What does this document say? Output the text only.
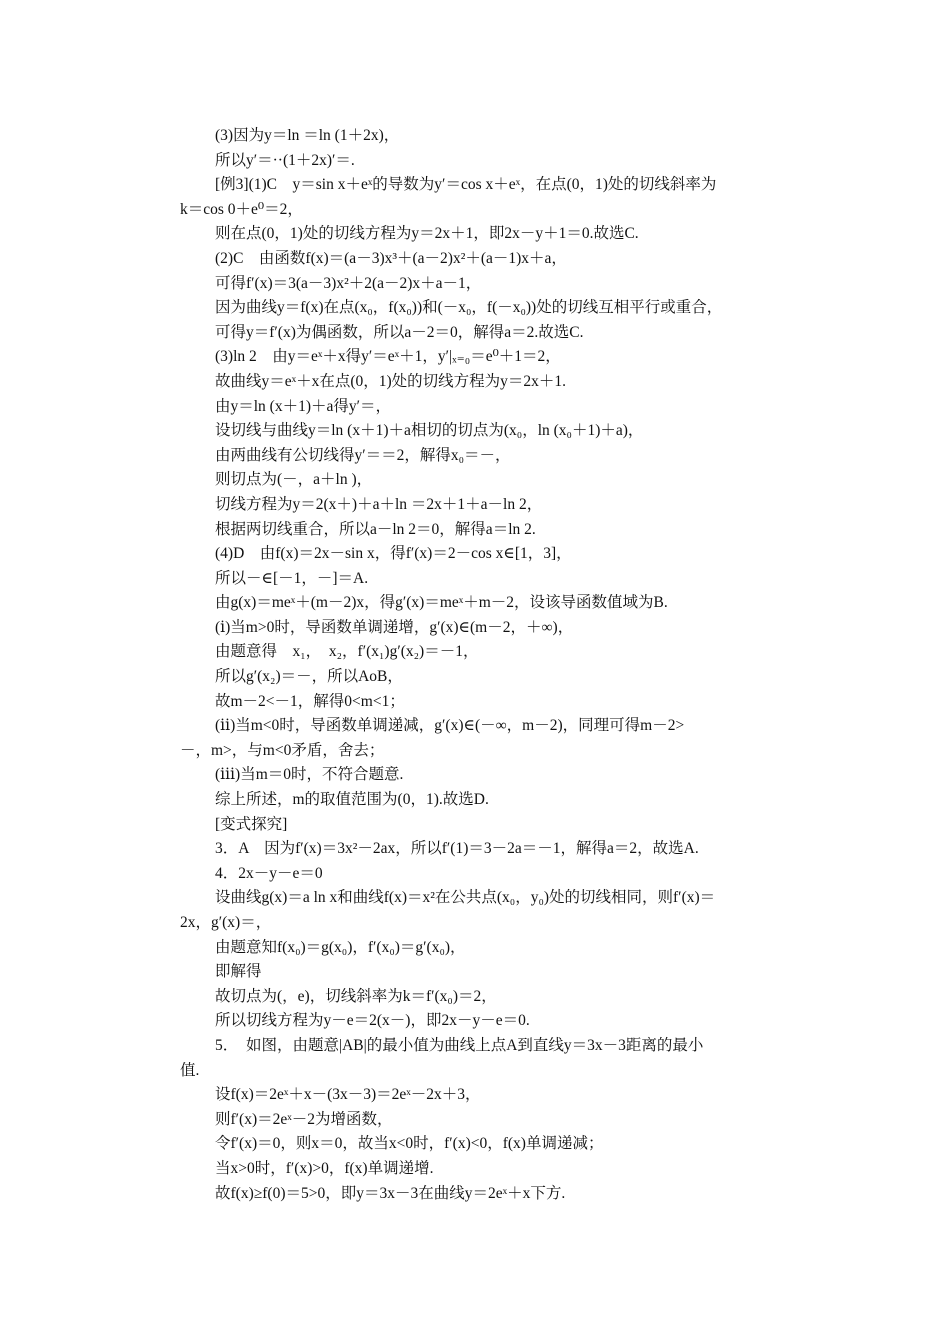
(3)因为y＝ln ＝ln (1＋2x)，
所以y′＝··(1＋2x)′＝.
[例3](1)C　y＝sin x＋eˣ的导数为y′＝cos x＋eˣ，在点(0，1)处的切线斜率为
k＝cos 0＋e⁰＝2，
则在点(0，1)处的切线方程为y＝2x＋1，即2x－y＋1＝0.故选C.
(2)C　由函数f(x)＝(a－3)x³＋(a－2)x²＋(a－1)x＋a，
可得f′(x)＝3(a－3)x²＋2(a－2)x＋a－1，
因为曲线y＝f(x)在点(x₀，f(x₀))和(－x₀，f(－x₀))处的切线互相平行或重合，
可得y＝f′(x)为偶函数，所以a－2＝0，解得a＝2.故选C.
(3)ln 2　由y＝eˣ＋x得y′＝eˣ＋1，y′|ₓ₌₀＝e⁰＋1＝2，
故曲线y＝eˣ＋x在点(0，1)处的切线方程为y＝2x＋1.
由y＝ln (x＋1)＋a得y′＝，
设切线与曲线y＝ln (x＋1)＋a相切的切点为(x₀，ln (x₀＋1)＋a)，
由两曲线有公切线得y′＝＝2，解得x₀＝－，
则切点为(－，a＋ln )，
切线方程为y＝2(x＋)＋a＋ln ＝2x＋1＋a－ln 2，
根据两切线重合，所以a－ln 2＝0，解得a＝ln 2.
(4)D　由f(x)＝2x－sin x，得f′(x)＝2－cos x∈[1，3]，
所以－∈[－1，－]＝A.
由g(x)＝meˣ＋(m－2)x，得g′(x)＝meˣ＋m－2，设该导函数值域为B.
(ⅰ)当m>0时，导函数单调递增，g′(x)∈(m－2，＋∞)，
由题意得　x₁，　x₂，f′(x₁)g′(x₂)＝－1，
所以g′(x₂)＝－，所以AoB，
故m－2<－1，解得0<m<1；
(ⅱ)当m<0时，导函数单调递减，g′(x)∈(－∞，m－2)，同理可得m－2>
－，m>，与m<0矛盾，舍去；
(ⅲ)当m＝0时，不符合题意.
综上所述，m的取值范围为(0，1).故选D.
[变式探究]
3．A　因为f′(x)＝3x²－2ax，所以f′(1)＝3－2a＝－1，解得a＝2，故选A.
4．2x－y－e＝0
设曲线g(x)＝a ln x和曲线f(x)＝x²在公共点(x₀，y₀)处的切线相同，则f′(x)＝
2x，g′(x)＝，
由题意知f(x₀)＝g(x₀)，f′(x₀)＝g′(x₀)，
即解得
故切点为(，e)，切线斜率为k＝f′(x₀)＝2，
所以切线方程为y－e＝2(x－)，即2x－y－e＝0.
5．　如图，由题意|AB|的最小值为曲线上点A到直线y＝3x－3距离的最小
值.
设f(x)＝2eˣ＋x－(3x－3)＝2eˣ－2x＋3，
则f′(x)＝2eˣ－2为增函数，
令f′(x)＝0，则x＝0，故当x<0时，f′(x)<0，f(x)单调递减；
当x>0时，f′(x)>0，f(x)单调递增.
故f(x)≥f(0)＝5>0，即y＝3x－3在曲线y＝2eˣ＋x下方.
